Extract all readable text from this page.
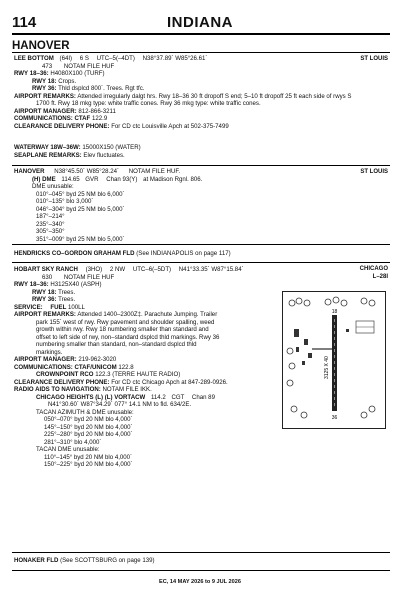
114	INDIANA
HANOVER
ST LOUIS
LEE BOTTOM (64I) 6 S UTC–5(–4DT) N38°37.89´ W85°26.61´
473 NOTAM FILE HUF
RWY 18–36: H4080X100 (TURF)
RWY 18: Crops.
RWY 36: Thld dsplcd 800´. Trees. Rgt tfc.
AIRPORT REMARKS: Attended irregularly dalgt hrs. Rwy 18–36 30 ft dropoff S end; 5–10 ft dropoff 25 ft each side of rwys S
1700 ft. Rwy 18 mkg type: white traffic cones. Rwy 36 mkg type: white traffic cones.
AIRPORT MANAGER: 812-866-3211
COMMUNICATIONS: CTAF 122.9
CLEARANCE DELIVERY PHONE: For CD ctc Louisville Apch at 502-375-7499
WATERWAY 18W–36W: 15000X150 (WATER)
SEAPLANE REMARKS: Elev fluctuates.
ST LOUIS
HANOVER N38°45.50´ W85°28.24´ NOTAM FILE HUF.
(H) DME 114.65 GVR Chan 93(Y) at Madison Rgnl. 806.
DME unusable:
010°–045° byd 25 NM blo 6,000´
010°–135° blo 3,000´
046°–304° byd 25 NM blo 5,000´
187°–214°
235°–340°
305°–350°
351°–009° byd 25 NM blo 5,000´
HENDRICKS CO–GORDON GRAHAM FLD (See INDIANAPOLIS on page 117)
CHICAGO
L–28I
HOBART SKY RANCH (3HO) 2 NW UTC–6(–5DT) N41°33.35´ W87°15.84´
630 NOTAM FILE HUF
RWY 18–36: H3125X40 (ASPH)
RWY 18: Trees.
RWY 36: Trees.
SERVICE: FUEL 100LL
AIRPORT REMARKS: Attended 1400–2300Z‡. Parachute Jumping. Trailer
park 155´ west of rwy. Rwy pavement and shoulder spalling, weed
growth within rwy. Rwy 18 numbering smaller than standard and
offset to left side of rwy, non–standard dsplcd thld markings. Rwy 36
numbering smaller than standard, non–standard dsplcd thld
markings.
AIRPORT MANAGER: 219-962-3020
COMMUNICATIONS: CTAF/UNICOM 122.8
CROWNPOINT RCO 122.3 (TERRE HAUTE RADIO)
CLEARANCE DELIVERY PHONE: For CD ctc Chicago Apch at 847-289-0926.
RADIO AIDS TO NAVIGATION: NOTAM FILE IKK.
CHICAGO HEIGHTS (L) (L) VORTACW 114.2 CGT Chan 89
N41°30.60´ W87°34.29´ 077° 14.1 NM to fld. 634/2E.
TACAN AZIMUTH & DME unusable:
050°–070° byd 20 NM blo 4,000´
145°–150° byd 20 NM blo 4,000´
225°–280° byd 20 NM blo 4,000´
281°–310° blo 4,000´
TACAN DME unusable:
110°–145° byd 20 NM blo 4,000´
150°–225° byd 20 NM blo 4,000´
18
36
3125 X 40
HONAKER FLD (See SCOTTSBURG on page 139)
EC, 14 MAY 2026 to 9 JUL 2026
